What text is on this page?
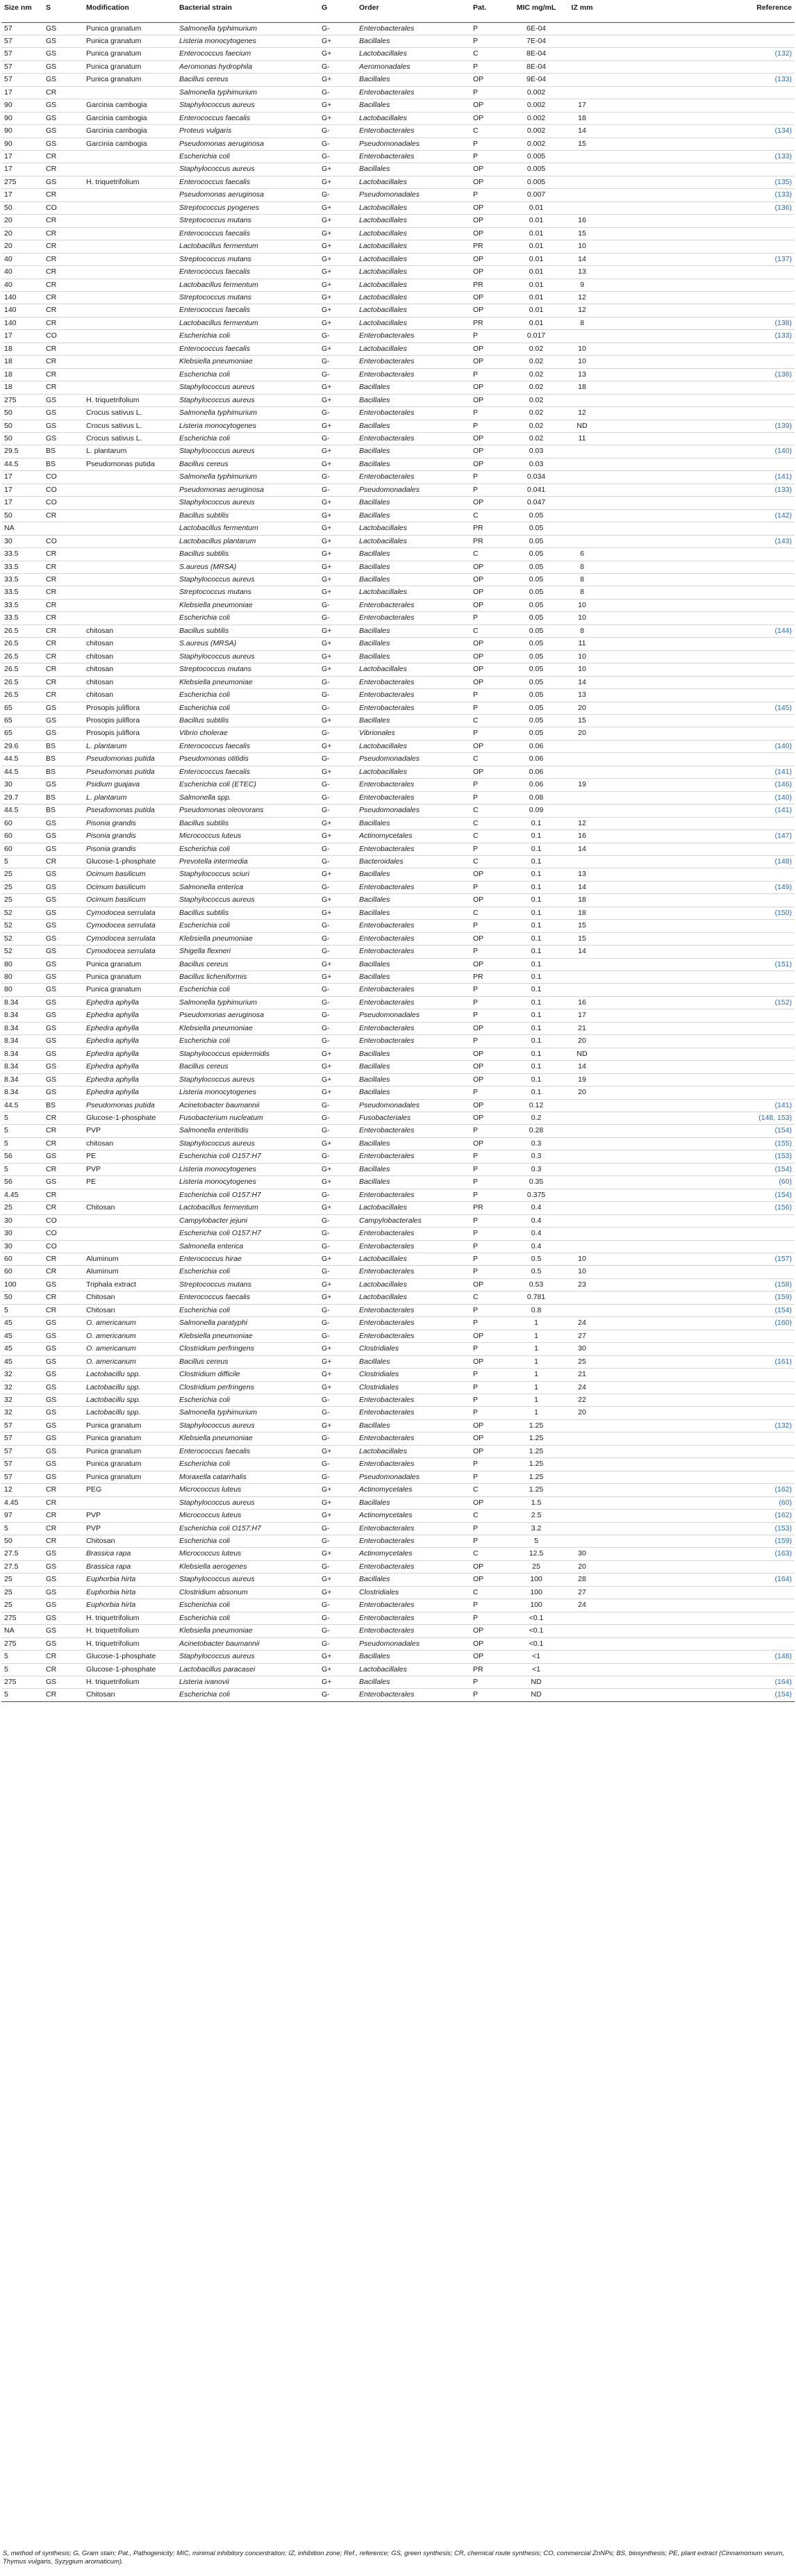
Size nm	S	Modification	Bacterial strain	G	Order	Pat.	MIC mg/mL	IZ mm	Reference
57	GS	Punica granatum	Salmonella typhimurium	G-	Enterobacterales	P	6E-04		
57	GS	Punica granatum	Listeria monocytogenes	G+	Bacillales	P	7E-04		
57	GS	Punica granatum	Enterococcus faecium	G+	Lactobacillales	C	8E-04		(132)
57	GS	Punica granatum	Aeromonas hydrophila	G-	Aeromonadales	P	8E-04		
57	GS	Punica granatum	Bacillus cereus	G+	Bacillales	OP	9E-04		(133)
17	CR		Salmonella typhimurium	G-	Enterobacterales	P	0.002		
90	GS	Garcinia cambogia	Staphylococcus aureus	G+	Bacillales	OP	0.002	17	
90	GS	Garcinia cambogia	Enterococcus faecalis	G+	Lactobacillales	OP	0.002	18	
90	GS	Garcinia cambogia	Proteus vulgaris	G-	Enterobacterales	C	0.002	14	(134)
90	GS	Garcinia cambogia	Pseudomonas aeruginosa	G-	Pseudomonadales	P	0.002	15	
17	CR		Escherichia coli	G-	Enterobacterales	P	0.005		(133)
17	CR		Staphylococcus aureus	G+	Bacillales	OP	0.005		
275	GS	H. triquetrifolium	Enterococcus faecalis	G+	Lactobacillales	OP	0.005		(135)
17	CR		Pseudomonas aeruginosa	G-	Pseudomonadales	P	0.007		(133)
50	CO		Streptococcus pyogenes	G+	Lactobacillales	OP	0.01		(136)
20	CR		Streptococcus mutans	G+	Lactobacillales	OP	0.01	16	
20	CR		Enterococcus faecalis	G+	Lactobacillales	OP	0.01	15	
20	CR		Lactobacillus fermentum	G+	Lactobacillales	PR	0.01	10	
40	CR		Streptococcus mutans	G+	Lactobacillales	OP	0.01	14	(137)
40	CR		Enterococcus faecalis	G+	Lactobacillales	OP	0.01	13	
40	CR		Lactobacillus fermentum	G+	Lactobacillales	PR	0.01	9	
140	CR		Streptococcus mutans	G+	Lactobacillales	OP	0.01	12	
140	CR		Enterococcus faecalis	G+	Lactobacillales	OP	0.01	12	
140	CR		Lactobacillus fermentum	G+	Lactobacillales	PR	0.01	8	(138)
17	CO		Escherichia coli	G-	Enterobacterales	P	0.017		(133)
18	CR		Enterococcus faecalis	G+	Lactobacillales	OP	0.02	10	
18	CR		Klebsiella pneumoniae	G-	Enterobacterales	OP	0.02	10	
18	CR		Escherichia coli	G-	Enterobacterales	P	0.02	13	(138)
18	CR		Staphylococcus aureus	G+	Bacillales	OP	0.02	18	
275	GS	H. triquetrifolium	Staphylococcus aureus	G+	Bacillales	OP	0.02		
50	GS	Crocus sativus L.	Salmonella typhimurium	G-	Enterobacterales	P	0.02	12	
50	GS	Crocus sativus L.	Listeria monocytogenes	G+	Bacillales	P	0.02	ND	(139)
50	GS	Crocus sativus L.	Escherichia coli	G-	Enterobacterales	OP	0.02	11	
29.5	BS	L. plantarum	Staphylococcus aureus	G+	Bacillales	OP	0.03		(140)
44.5	BS	Pseudomonas putida	Bacillus cereus	G+	Bacillales	OP	0.03		
17	CO		Salmonella typhimurium	G-	Enterobacterales	P	0.034		(141)
17	CO		Pseudomonas aeruginosa	G-	Pseudomonadales	P	0.041		(133)
17	CO		Staphylococcus aureus	G+	Bacillales	OP	0.047		
50	CR		Bacillus subtilis	G+	Bacillales	C	0.05		(142)
NA			Lactobacillus fermentum	G+	Lactobacillales	PR	0.05		
30	CO		Lactobacillus plantarum	G+	Lactobacillales	PR	0.05		(143)
33.5	CR		Bacillus subtilis	G+	Bacillales	C	0.05	6	
33.5	CR		S.aureus (MRSA)	G+	Bacillales	OP	0.05	8	
33.5	CR		Staphylococcus aureus	G+	Bacillales	OP	0.05	8	
33.5	CR		Streptococcus mutans	G+	Lactobacillales	OP	0.05	8	
33.5	CR		Klebsiella pneumoniae	G-	Enterobacterales	OP	0.05	10	
33.5	CR		Escherichia coli	G-	Enterobacterales	P	0.05	10	
26.5	CR	chitosan	Bacillus subtilis	G+	Bacillales	C	0.05	8	(144)
26.5	CR	chitosan	S.aureus (MRSA)	G+	Bacillales	OP	0.05	11	
26.5	CR	chitosan	Staphylococcus aureus	G+	Bacillales	OP	0.05	10	
26.5	CR	chitosan	Streptococcus mutans	G+	Lactobacillales	OP	0.05	10	
26.5	CR	chitosan	Klebsiella pneumoniae	G-	Enterobacterales	OP	0.05	14	
26.5	CR	chitosan	Escherichia coli	G-	Enterobacterales	P	0.05	13	
65	GS	Prosopis juliflora	Escherichia coli	G-	Enterobacterales	P	0.05	20	(145)
65	GS	Prosopis juliflora	Bacillus subtilis	G+	Bacillales	C	0.05	15	
65	GS	Prosopis juliflora	Vibrio cholerae	G-	Vibrionales	P	0.05	20	
29.6	BS	L. plantarum	Enterococcus faecalis	G+	Lactobacillales	OP	0.06		(140)
44.5	BS	Pseudomonas putida	Pseudomonas otitidis	G-	Pseudomonadales	C	0.06		
44.5	BS	Pseudomonas putida	Enterococcus faecalis	G+	Lactobacillales	OP	0.06		(141)
30	GS	Psidium guajava	Escherichia coli (ETEC)	G-	Enterobacterales	P	0.06	19	(146)
29.7	BS	L. plantarum	Salmonella spp.	G-	Enterobacterales	P	0.08		(140)
44.5	BS	Pseudomonas putida	Pseudomonas oleovorans	G-	Pseudomonadales	C	0.09		(141)
60	GS	Pisonia grandis	Bacillus subtilis	G+	Bacillales	C	0.1	12	
60	GS	Pisonia grandis	Micrococcus luteus	G+	Actinomycetales	C	0.1	16	(147)
60	GS	Pisonia grandis	Escherichia coli	G-	Enterobacterales	P	0.1	14	
5	CR	Glucose-1-phosphate	Prevotella intermedia	G-	Bacteroidales	C	0.1		(148)
25	GS	Ocimum basilicum	Staphylococcus sciuri	G+	Bacillales	OP	0.1	13	
25	GS	Ocimum basilicum	Salmonella enterica	G-	Enterobacterales	P	0.1	14	(149)
25	GS	Ocimum basilicum	Staphylococcus aureus	G+	Bacillales	OP	0.1	18	
52	GS	Cymodocea serrulata	Bacillus subtilis	G+	Bacillales	C	0.1	18	(150)
52	GS	Cymodocea serrulata	Escherichia coli	G-	Enterobacterales	P	0.1	15	
52	GS	Cymodocea serrulata	Klebsiella pneumoniae	G-	Enterobacterales	OP	0.1	15	
52	GS	Cymodocea serrulata	Shigella flexneri	G-	Enterobacterales	P	0.1	14	
80	GS	Punica granatum	Bacillus cereus	G+	Bacillales	OP	0.1		(151)
80	GS	Punica granatum	Bacillus licheniformis	G+	Bacillales	PR	0.1		
80	GS	Punica granatum	Escherichia coli	G-	Enterobacterales	P	0.1		
8.34	GS	Ephedra aphylla	Salmonella typhimurium	G-	Enterobacterales	P	0.1	16	(152)
8.34	GS	Ephedra aphylla	Pseudomonas aeruginosa	G-	Pseudomonadales	P	0.1	17	
8.34	GS	Ephedra aphylla	Klebsiella pneumoniae	G-	Enterobacterales	OP	0.1	21	
8.34	GS	Ephedra aphylla	Escherichia coli	G-	Enterobacterales	P	0.1	20	
8.34	GS	Ephedra aphylla	Staphylococcus epidermidis	G+	Bacillales	OP	0.1	ND	
8.34	GS	Ephedra aphylla	Bacillus cereus	G+	Bacillales	OP	0.1	14	
8.34	GS	Ephedra aphylla	Staphylococcus aureus	G+	Bacillales	OP	0.1	19	
8.34	GS	Ephedra aphylla	Listeria monocytogenes	G+	Bacillales	P	0.1	20	
44.5	BS	Pseudomonas putida	Acinetobacter baumannii	G-	Pseudomonadales	OP	0.12		(141)
5	CR	Glucose-1-phosphate	Fusobacterium nucleatum	G-	Fusobacteriales	OP	0.2		(148, 153)
5	CR	PVP	Salmonella enteritidis	G-	Enterobacterales	P	0.28		(154)
5	CR	chitosan	Staphylococcus aureus	G+	Bacillales	OP	0.3		(155)
56	GS	PE	Escherichia coli O157:H7	G-	Enterobacterales	P	0.3		(153)
5	CR	PVP	Listeria monocytogenes	G+	Bacillales	P	0.3		(154)
56	GS	PE	Listeria monocytogenes	G+	Bacillales	P	0.35		(60)
4.45	CR		Escherichia coli O157:H7	G-	Enterobacterales	P	0.375		(154)
25	CR	Chitosan	Lactobacillus fermentum	G+	Lactobacillales	PR	0.4		(156)
30	CO		Campylobacter jejuni	G-	Campylobacterales	P	0.4		
30	CO		Escherichia coli O157:H7	G-	Enterobacterales	P	0.4		
30	CO		Salmonella enterica	G-	Enterobacterales	P	0.4		
60	CR	Aluminum	Enterococcus hirae	G+	Lactobacillales	P	0.5	10	(157)
60	CR	Aluminum	Escherichia coli	G-	Enterobacterales	P	0.5	10	
100	GS	Triphala extract	Streptococcus mutans	G+	Lactobacillales	OP	0.53	23	(158)
50	CR	Chitosan	Enterococcus faecalis	G+	Lactobacillales	C	0.781		(159)
5	CR	Chitosan	Escherichia coli	G-	Enterobacterales	P	0.8		(154)
45	GS	O. americanum	Salmonella paratyphi	G-	Enterobacterales	P	1	24	(160)
45	GS	O. americanum	Klebsiella pneumoniae	G-	Enterobacterales	OP	1	27	
45	GS	O. americanum	Clostridium perfringens	G+	Clostridiales	P	1	30	
45	GS	O. americanum	Bacillus cereus	G+	Bacillales	OP	1	25	(161)
32	GS	Lactobacillu spp.	Clostridium difficile	G+	Clostridiales	P	1	21	
32	GS	Lactobacillu spp.	Clostridium perfringens	G+	Clostridiales	P	1	24	
32	GS	Lactobacillu spp.	Escherichia coli	G-	Enterobacterales	P	1	22	
32	GS	Lactobacillu spp.	Salmonella typhimurium	G-	Enterobacterales	P	1	20	
57	GS	Punica granatum	Staphylococcus aureus	G+	Bacillales	OP	1.25		(132)
57	GS	Punica granatum	Klebsiella pneumoniae	G-	Enterobacterales	OP	1.25		
57	GS	Punica granatum	Enterococcus faecalis	G+	Lactobacillales	OP	1.25		
57	GS	Punica granatum	Escherichia coli	G-	Enterobacterales	P	1.25		
57	GS	Punica granatum	Moraxella catarrhalis	G-	Pseudomonadales	P	1.25		
12	CR	PEG	Micrococcus luteus	G+	Actinomycetales	C	1.25		(162)
4.45	CR		Staphylococcus aureus	G+	Bacillales	OP	1.5		(60)
97	CR	PVP	Micrococcus luteus	G+	Actinomycetales	C	2.5		(162)
5	CR	PVP	Escherichia coli O157:H7	G-	Enterobacterales	P	3.2		(153)
50	CR	Chitosan	Escherichia coli	G-	Enterobacterales	P	5		(159)
27.5	GS	Brassica rapa	Micrococcus luteus	G+	Actinomycetales	C	12.5	30	(163)
27.5	GS	Brassica rapa	Klebsiella aerogenes	G-	Enterobacterales	OP	25	20	
25	GS	Euphorbia hirta	Staphylococcus aureus	G+	Bacillales	OP	100	28	(164)
25	GS	Euphorbia hirta	Clostridium absonum	G+	Clostridiales	C	100	27	
25	GS	Euphorbia hirta	Escherichia coli	G-	Enterobacterales	P	100	24	
275	GS	H. triquetrifolium	Escherichia coli	G-	Enterobacterales	P	<0.1		
NA	GS	H. triquetrifolium	Klebsiella pneumoniae	G-	Enterobacterales	OP	<0.1		
275	GS	H. triquetrifolium	Acinetobacter baumannii	G-	Pseudomonadales	OP	<0.1		
5	CR	Glucose-1-phosphate	Staphylococcus aureus	G+	Bacillales	OP	<1		(148)
5	CR	Glucose-1-phosphate	Lactobacillus paracasei	G+	Lactobacillales	PR	<1		
275	GS	H. triquetrifolium	Listeria ivanovii	G+	Bacillales	P	ND		(164)
5	CR	Chitosan	Escherichia coli	G-	Enterobacterales	P	ND		(154)
S, method of synthesis; G, Gram stain; Pat., Pathogenicity; MIC, minimal inhibitory concentration; IZ, inhibition zone; Ref., reference; GS, green synthesis; CR, chemical route synthesis; CO, commercial ZnNPs; BS, biosynthesis; PE, plant extract (Cinnamomum verum, Thymus vulgaris, Syzygium aromaticum).
